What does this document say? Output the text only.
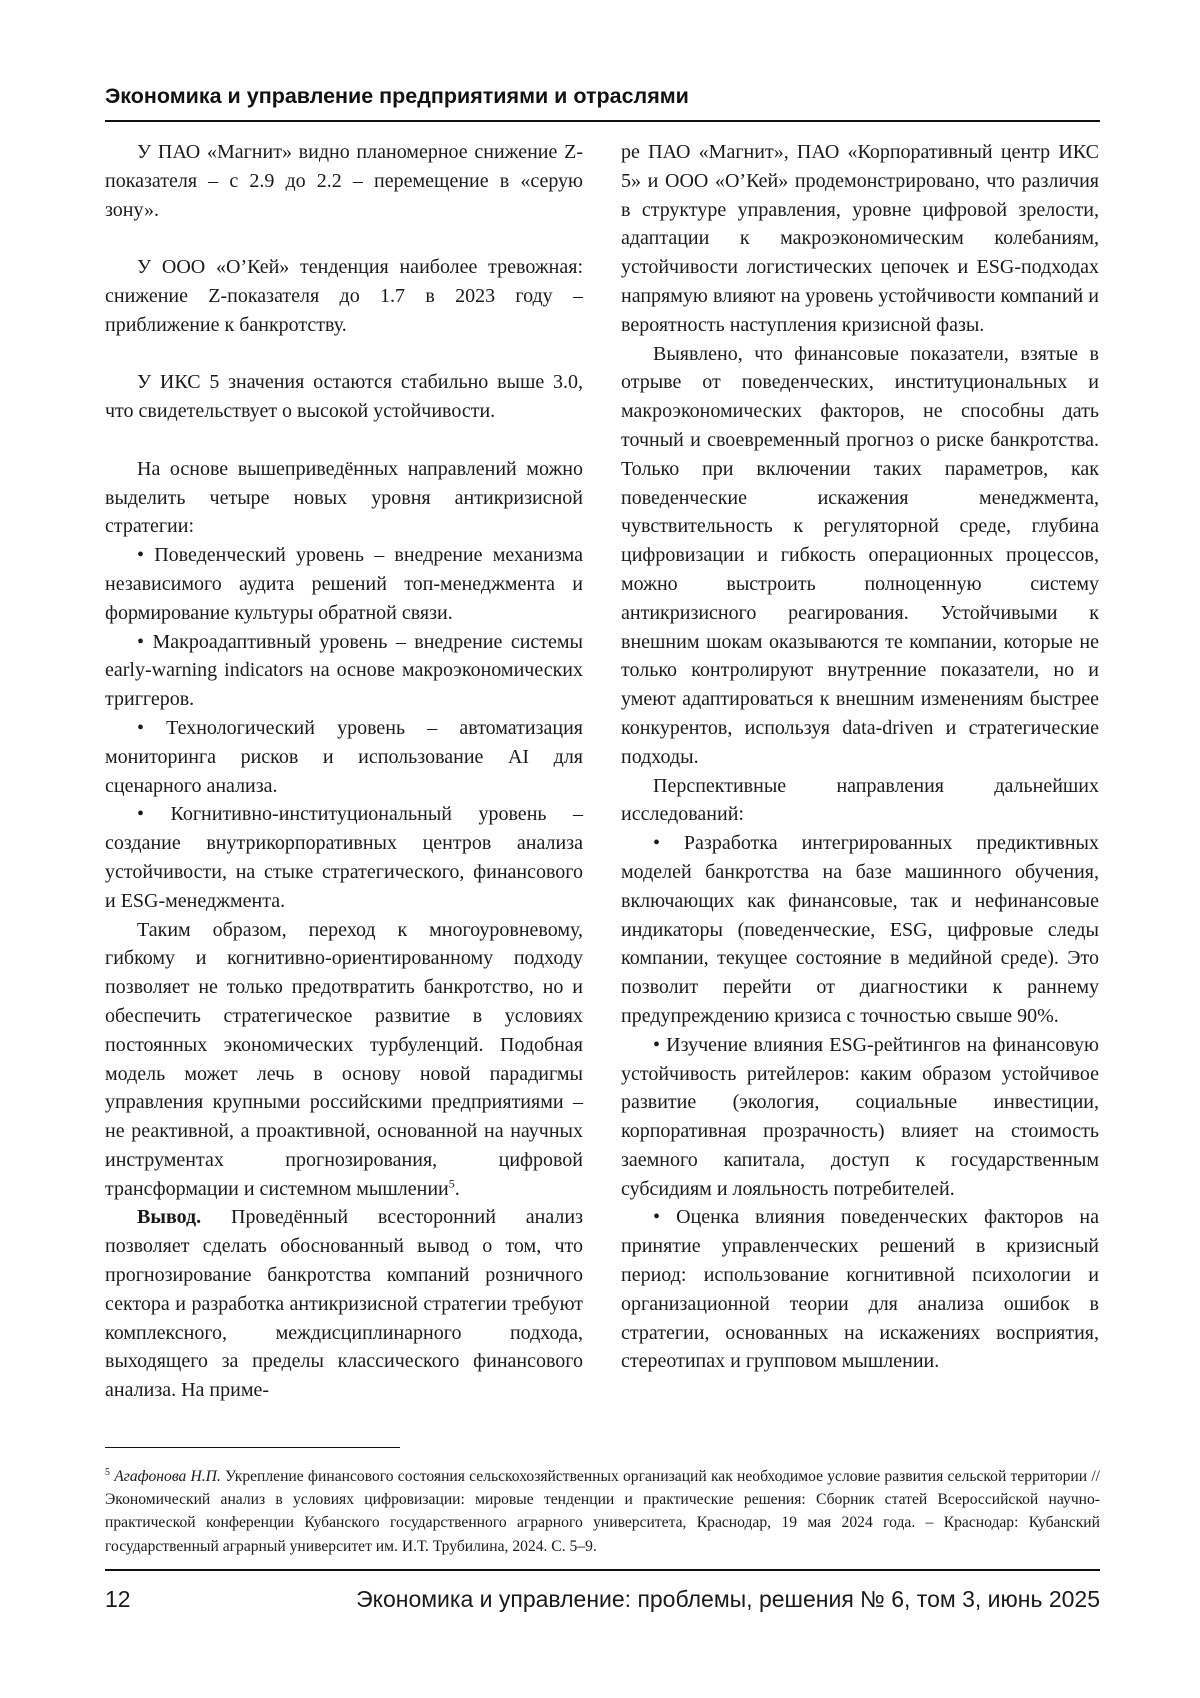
Экономика и управление предприятиями и отраслями

У ПАО «Магнит» видно планомерное снижение Z-показателя – с 2.9 до 2.2 – перемещение в «серую зону».

У ООО «О’Кей» тенденция наиболее тревожная: снижение Z-показателя до 1.7 в 2023 году – приближение к банкротству.

У ИКС 5 значения остаются стабильно выше 3.0, что свидетельствует о высокой устойчивости.

На основе вышеприведённых направлений можно выделить четыре новых уровня антикризисной стратегии:

• Поведенческий уровень – внедрение механизма независимого аудита решений топ-менеджмента и формирование культуры обратной связи.

• Макроадаптивный уровень – внедрение системы early-warning indicators на основе макроэкономических триггеров.

• Технологический уровень – автоматизация мониторинга рисков и использование AI для сценарного анализа.

• Когнитивно-институциональный уровень – создание внутрикорпоративных центров анализа устойчивости, на стыке стратегического, финансового и ESG-менеджмента.

Таким образом, переход к многоуровневому, гибкому и когнитивно-ориентированному подходу позволяет не только предотвратить банкротство, но и обеспечить стратегическое развитие в условиях постоянных экономических турбуленций. Подобная модель может лечь в основу новой парадигмы управления крупными российскими предприятиями – не реактивной, а проактивной, основанной на научных инструментах прогнозирования, цифровой трансформации и системном мышлении$^5$.

Вывод. Проведённый всесторонний анализ позволяет сделать обоснованный вывод о том, что прогнозирование банкротства компаний розничного сектора и разработка антикризисной стратегии требуют комплексного, междисциплинарного подхода, выходящего за пределы классического финансового анализа. На приме-

ре ПАО «Магнит», ПАО «Корпоративный центр ИКС 5» и ООО «О’Кей» продемонстрировано, что различия в структуре управления, уровне цифровой зрелости, адаптации к макроэкономическим колебаниям, устойчивости логистических цепочек и ESG-подходах напрямую влияют на уровень устойчивости компаний и вероятность наступления кризисной фазы.

Выявлено, что финансовые показатели, взятые в отрыве от поведенческих, институциональных и макроэкономических факторов, не способны дать точный и своевременный прогноз о риске банкротства. Только при включении таких параметров, как поведенческие искажения менеджмента, чувствительность к регуляторной среде, глубина цифровизации и гибкость операционных процессов, можно выстроить полноценную систему антикризисного реагирования. Устойчивыми к внешним шокам оказываются те компании, которые не только контролируют внутренние показатели, но и умеют адаптироваться к внешним изменениям быстрее конкурентов, используя data-driven и стратегические подходы.

Перспективные направления дальнейших исследований:

• Разработка интегрированных предиктивных моделей банкротства на базе машинного обучения, включающих как финансовые, так и нефинансовые индикаторы (поведенческие, ESG, цифровые следы компании, текущее состояние в медийной среде). Это позволит перейти от диагностики к раннему предупреждению кризиса с точностью свыше 90%.

• Изучение влияния ESG-рейтингов на финансовую устойчивость ритейлеров: каким образом устойчивое развитие (экология, социальные инвестиции, корпоративная прозрачность) влияет на стоимость заемного капитала, доступ к государственным субсидиям и лояльность потребителей.

• Оценка влияния поведенческих факторов на принятие управленческих решений в кризисный период: использование когнитивной психологии и организационной теории для анализа ошибок в стратегии, основанных на искажениях восприятия, стереотипах и групповом мышлении.

$^5$ Агафонова Н.П. Укрепление финансового состояния сельскохозяйственных организаций как необходимое условие развития сельской территории // Экономический анализ в условиях цифровизации: мировые тенденции и практические решения: Сборник статей Всероссийской научно-практической конференции Кубанского государственного аграрного университета, Краснодар, 19 мая 2024 года. – Краснодар: Кубанский государственный аграрный университет им. И.Т. Трубилина, 2024. С. 5–9.
12	Экономика и управление: проблемы, решения № 6, том 3, июнь 2025
